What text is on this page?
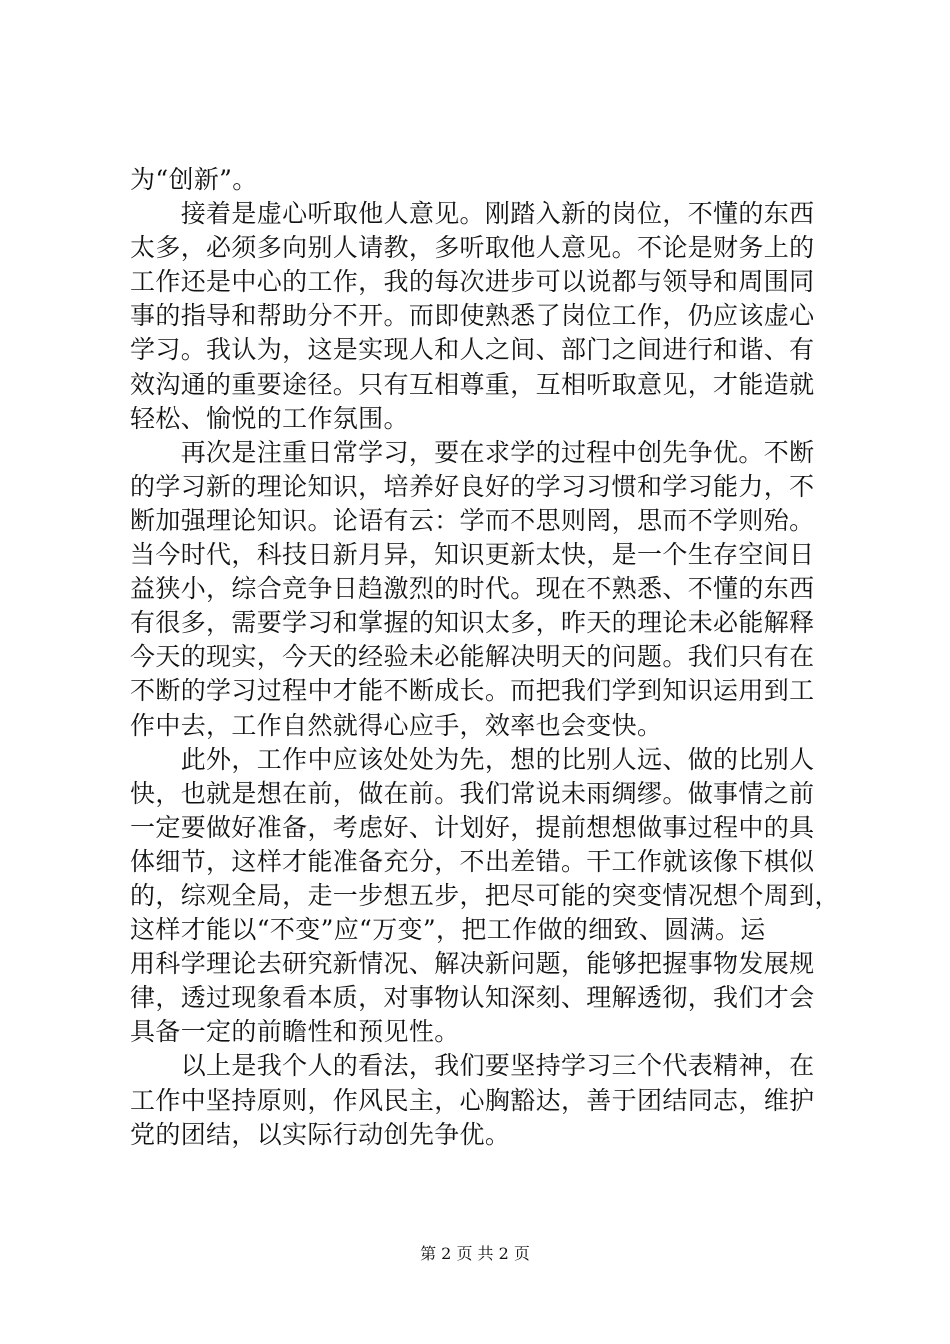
为“创新”。
　　接着是虚心听取他人意见。刚踏入新的岗位，不懂的东西
太多，必须多向别人请教，多听取他人意见。不论是财务上的
工作还是中心的工作，我的每次进步可以说都与领导和周围同
事的指导和帮助分不开。而即使熟悉了岗位工作，仍应该虚心
学习。我认为，这是实现人和人之间、部门之间进行和谐、有
效沟通的重要途径。只有互相尊重，互相听取意见，才能造就
轻松、愉悦的工作氛围。
　　再次是注重日常学习，要在求学的过程中创先争优。不断
的学习新的理论知识，培养好良好的学习习惯和学习能力，不
断加强理论知识。论语有云：学而不思则罔，思而不学则殆。
当今时代，科技日新月异，知识更新太快，是一个生存空间日
益狭小，综合竞争日趋激烈的时代。现在不熟悉、不懂的东西
有很多，需要学习和掌握的知识太多，昨天的理论未必能解释
今天的现实，今天的经验未必能解决明天的问题。我们只有在
不断的学习过程中才能不断成长。而把我们学到知识运用到工
作中去，工作自然就得心应手，效率也会变快。
　　此外，工作中应该处处为先，想的比别人远、做的比别人
快，也就是想在前，做在前。我们常说未雨绸缪。做事情之前
一定要做好准备，考虑好、计划好，提前想想做事过程中的具
体细节，这样才能准备充分，不出差错。干工作就该像下棋似
的，综观全局，走一步想五步，把尽可能的突变情况想个周到，
这样才能以“不变”应“万变”，把工作做的细致、圆满。运
用科学理论去研究新情况、解决新问题，能够把握事物发展规
律，透过现象看本质，对事物认知深刻、理解透彻，我们才会
具备一定的前瞻性和预见性。
　　以上是我个人的看法，我们要坚持学习三个代表精神，在
工作中坚持原则，作风民主，心胸豁达，善于团结同志，维护
党的团结，以实际行动创先争优。
第 2 页 共 2 页
